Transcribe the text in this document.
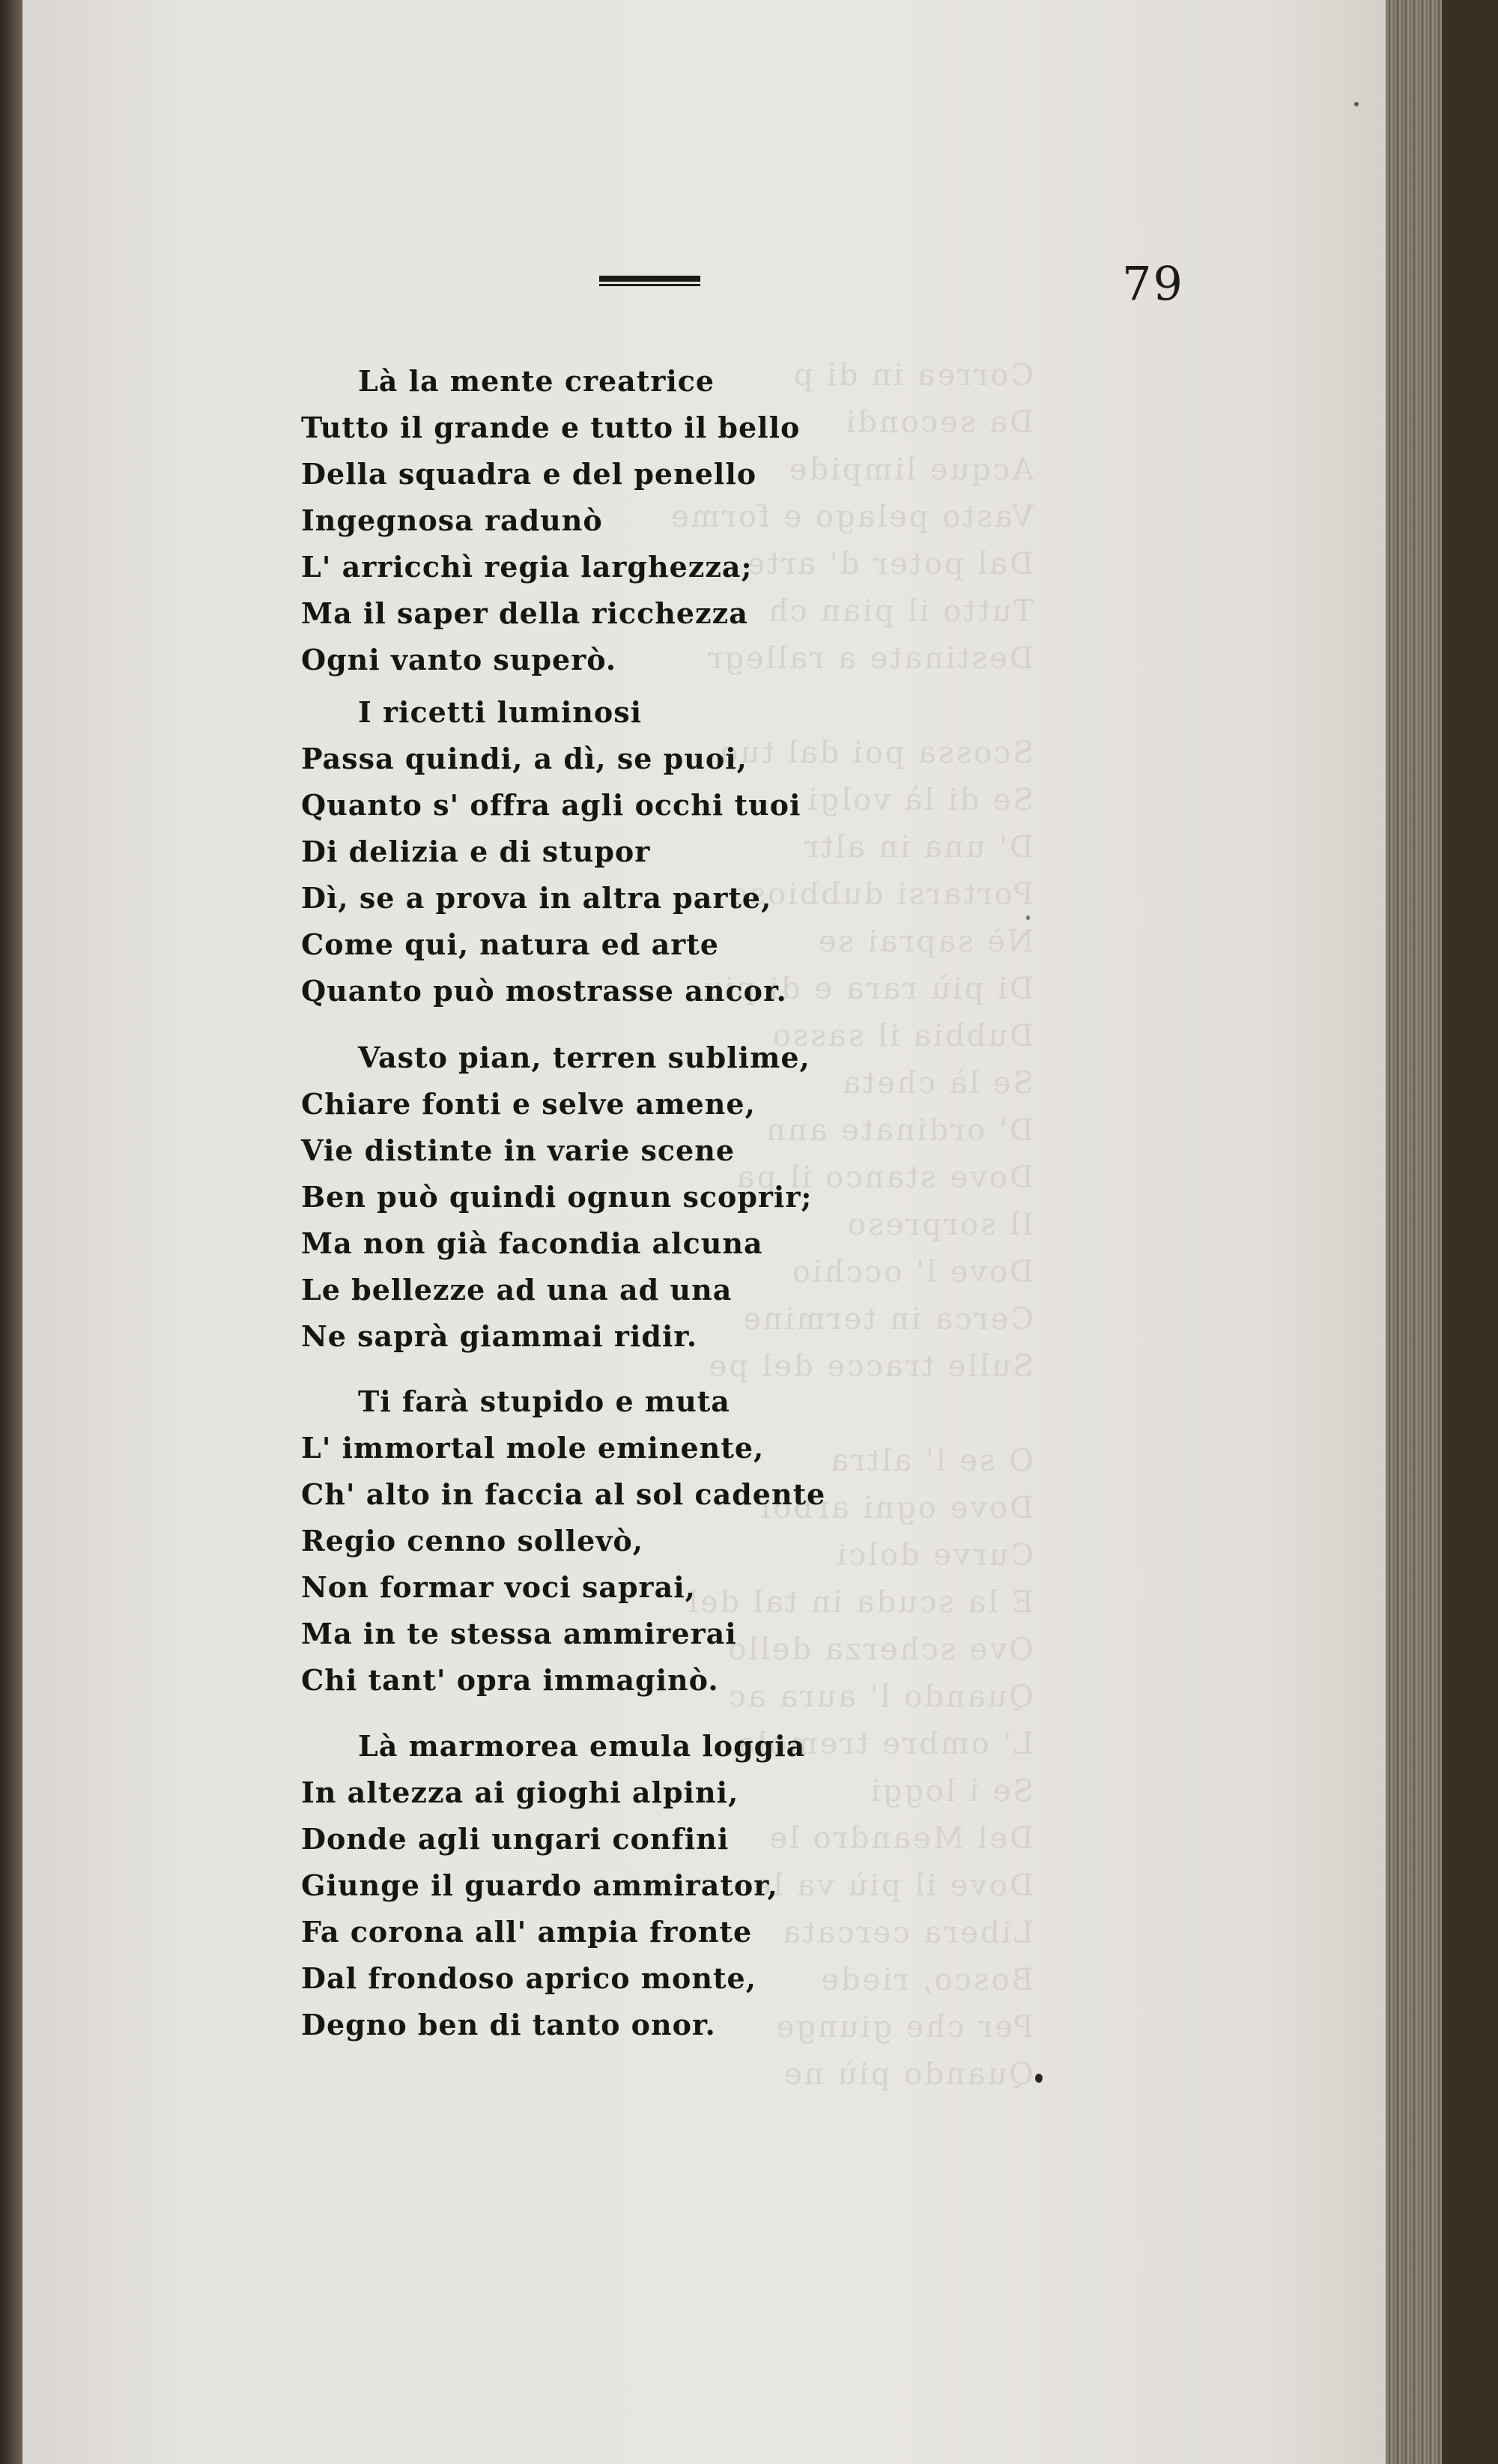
Correa in di p
Da secondi
Acque limpide
Vasto pelago e forme
Dal poter d' arte
Tutto il pian ch
Destinate a rallegr
Scossa poi dal tuo
Se di là volgi
D' una in altr
Portarsi dubbioso
Nè saprai se
Di più rara e di piu
Dubbia il sasso
Se là cheta
D' ordinate ann
Dove stanco il pa
Il sorpreso
Dove l' occhio
Cerca in termine
Sulle tracce del pe
O se l' altra
Dove ogni arbor
Curve dolci
E la scuda in tal del
Ove scherza dello
Quando l' aura ac
L' ombre tremola
Se i loggi
Del Meandro le
Dove il più va le
Libera cercata
Bosco, riede
Per che giunge
Quando più ne
79
Là la mente creatrice
Tutto il grande e tutto il bello
Della squadra e del penello
Ingegnosa radunò
L' arricchì regia larghezza;
Ma il saper della ricchezza
Ogni vanto superò.
I ricetti luminosi
Passa quindi, a dì, se puoi,
Quanto s' offra agli occhi tuoi
Di delizia e di stupor
Dì, se a prova in altra parte,
Come qui, natura ed arte
Quanto può mostrasse ancor.
Vasto pian, terren sublime,
Chiare fonti e selve amene,
Vie distinte in varie scene
Ben può quindi ognun scoprir;
Ma non già facondia alcuna
Le bellezze ad una ad una
Ne saprà giammai ridir.
Ti farà stupido e muta
L' immortal mole eminente,
Ch' alto in faccia al sol cadente
Regio cenno sollevò,
Non formar voci saprai,
Ma in te stessa ammirerai
Chi tant' opra immaginò.
Là marmorea emula loggia
In altezza ai gioghi alpini,
Donde agli ungari confini
Giunge il guardo ammirator,
Fa corona all' ampia fronte
Dal frondoso aprico monte,
Degno ben di tanto onor.
